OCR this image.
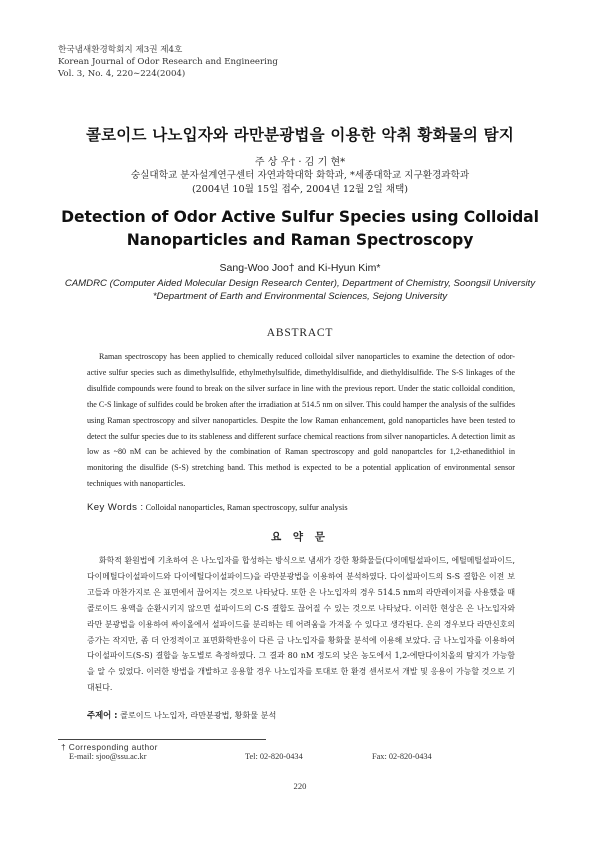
한국냄새환경학회지 제3권 제4호
Korean Journal of Odor Research and Engineering
Vol. 3, No. 4, 220∼224(2004)
콜로이드 나노입자와 라만분광법을 이용한 악취 황화물의 탐지
주 상 우† · 김 기 현*
숭실대학교 분자설계연구센터 자연과학대학 화학과, *세종대학교 지구환경과학과
(2004년 10월 15일 접수, 2004년 12월 2일 채택)
Detection of Odor Active Sulfur Species using Colloidal Nanoparticles and Raman Spectroscopy
Sang-Woo Joo† and Ki-Hyun Kim*
CAMDRC (Computer Aided Molecular Design Research Center), Department of Chemistry, Soongsil University
*Department of Earth and Environmental Sciences, Sejong University
ABSTRACT

Raman spectroscopy has been applied to chemically reduced colloidal silver nanoparticles to examine the detection of odor-active sulfur species such as dimethylsulfide, ethylmethylsulfide, dimethyldisulfide, and diethyldisulfide. The S-S linkages of the disulfide compounds were found to break on the silver surface in line with the previous report. Under the static colloidal condition, the C-S linkage of sulfides could be broken after the irradiation at 514.5 nm on silver. This could hamper the analysis of the sulfides using Raman spectroscopy and silver nanoparticles. Despite the low Raman enhancement, gold nanoparticles have been tested to detect the sulfur species due to its stableness and different surface chemical reactions from silver nanoparticles. A detection limit as low as ~80 nM can be achieved by the combination of Raman spectroscopy and gold nanopartcles for 1,2-ethanedithiol in monitoring the disulfide (S-S) stretching band. This method is expected to be a potential application of environmental sensor techniques with nanoparticles.

Key Words : Colloidal nanoparticles, Raman spectroscopy, sulfur analysis
요 약 문

화학적 환원법에 기초하여 은 나노입자를 합성하는 방식으로 냄새가 강한 황화물들(다이메틸설파이드, 에틸메틸설파이드, 다이메틸다이설파이드와 다이에틸다이설파이드)을 라만분광법을 이용하여 분석하였다. 다이설파이드의 S-S 결합은 이전 보고들과 마찬가지로 은 표면에서 끊어지는 것으로 나타났다. 또한 은 나노입자의 경우 514.5 nm의 라만레이저를 사용했을 때 콜로이드 용액을 순환시키지 않으면 설파이드의 C-S 결합도 끊어질 수 있는 것으로 나타났다. 이러한 현상은 은 나노입자와 라만 분광법을 이용하여 싸이올에서 설파이드를 분리하는 데 어려움을 가져올 수 있다고 생각된다. 은의 경우보다 라만신호의 증가는 작지만, 좀 더 안정적이고 표면화학반응이 다른 금 나노입자를 황화물 분석에 이용해 보았다. 금 나노입자를 이용하여 다이설파이드(S-S) 결합을 농도별로 측정하였다. 그 결과 80 nM 정도의 낮은 농도에서 1,2-에탄다이치올의 탐지가 가능함을 알 수 있었다. 이러한 방법을 개발하고 응용할 경우 나노입자를 토대로 한 환경 센서로서 개발 및 응용이 가능할 것으로 기대된다.

주제어 : 콜로이드 나노입자, 라만분광법, 황화물 분석
† Corresponding author
E-mail: sjoo@ssu.ac.kr	Tel: 02-820-0434	Fax: 02-820-0434
220
